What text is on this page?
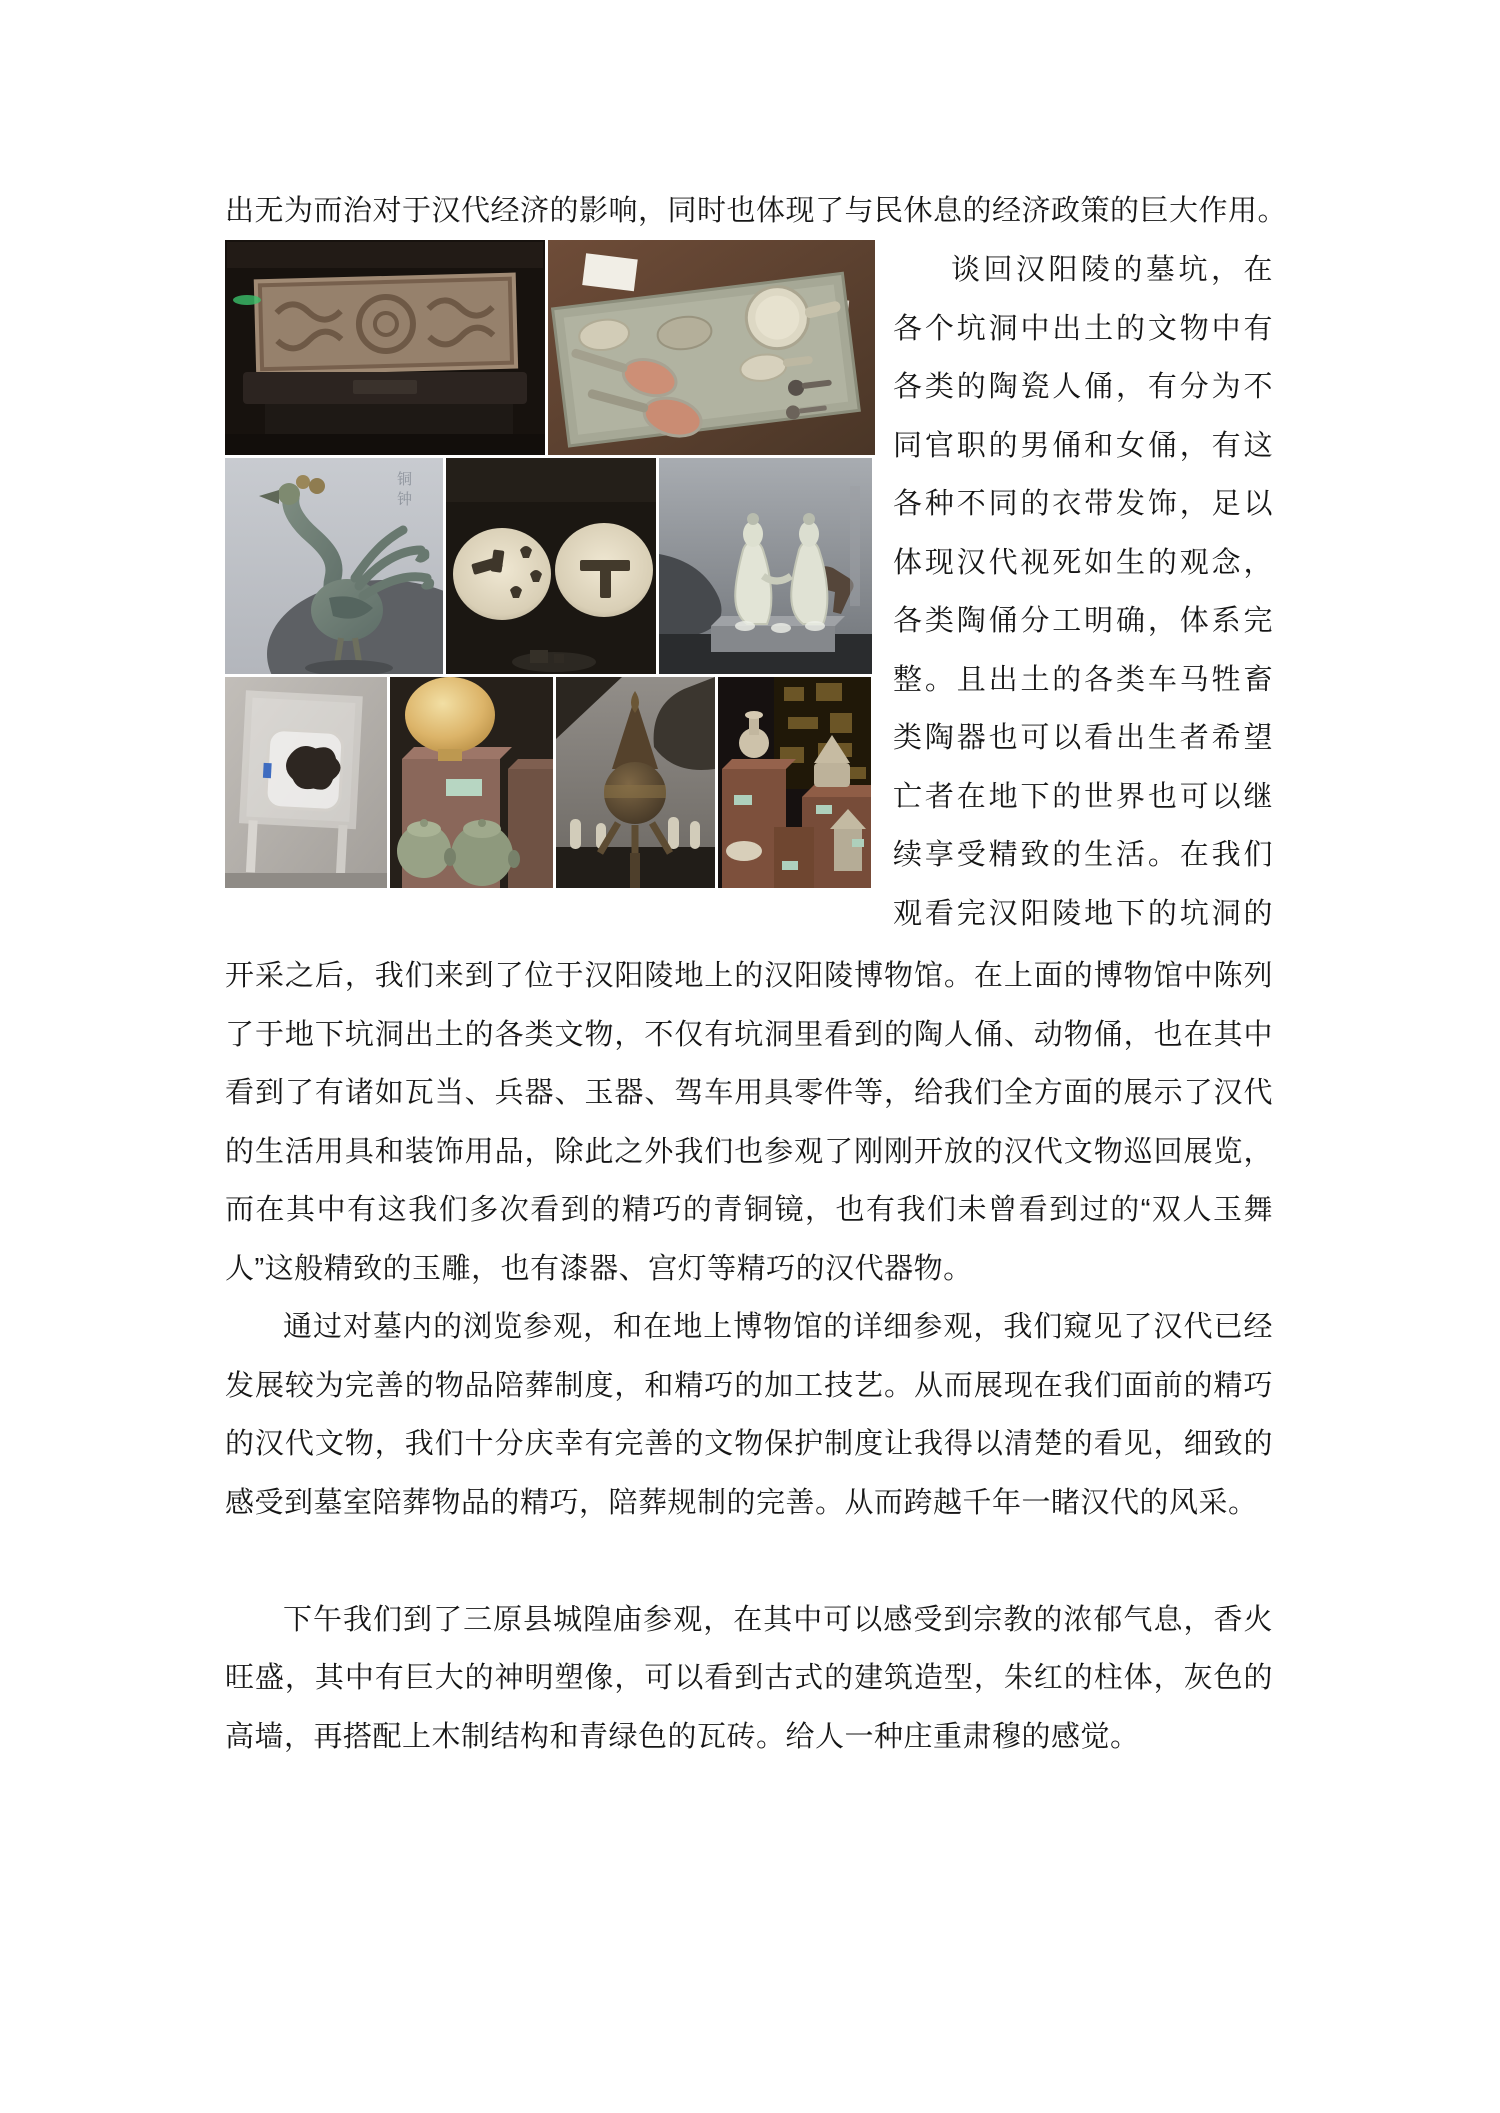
出无为而治对于汉代经济的影响，同时也体现了与民休息的经济政策的巨大作用。
铜
钟
谈回汉阳陵的墓坑，在
各个坑洞中出土的文物中有
各类的陶瓷人俑，有分为不
同官职的男俑和女俑，有这
各种不同的衣带发饰，足以
体现汉代视死如生的观念，
各类陶俑分工明确，体系完
整。且出土的各类车马牲畜
类陶器也可以看出生者希望
亡者在地下的世界也可以继
续享受精致的生活。在我们
观看完汉阳陵地下的坑洞的
开采之后，我们来到了位于汉阳陵地上的汉阳陵博物馆。在上面的博物馆中陈列
了于地下坑洞出土的各类文物，不仅有坑洞里看到的陶人俑、动物俑，也在其中
看到了有诸如瓦当、兵器、玉器、驾车用具零件等，给我们全方面的展示了汉代
的生活用具和装饰用品，除此之外我们也参观了刚刚开放的汉代文物巡回展览，
而在其中有这我们多次看到的精巧的青铜镜，也有我们未曾看到过的“双人玉舞
人”这般精致的玉雕，也有漆器、宫灯等精巧的汉代器物。
通过对墓内的浏览参观，和在地上博物馆的详细参观，我们窥见了汉代已经
发展较为完善的物品陪葬制度，和精巧的加工技艺。从而展现在我们面前的精巧
的汉代文物，我们十分庆幸有完善的文物保护制度让我得以清楚的看见，细致的
感受到墓室陪葬物品的精巧，陪葬规制的完善。从而跨越千年一睹汉代的风采。
下午我们到了三原县城隍庙参观，在其中可以感受到宗教的浓郁气息，香火
旺盛，其中有巨大的神明塑像，可以看到古式的建筑造型，朱红的柱体，灰色的
高墙，再搭配上木制结构和青绿色的瓦砖。给人一种庄重肃穆的感觉。
